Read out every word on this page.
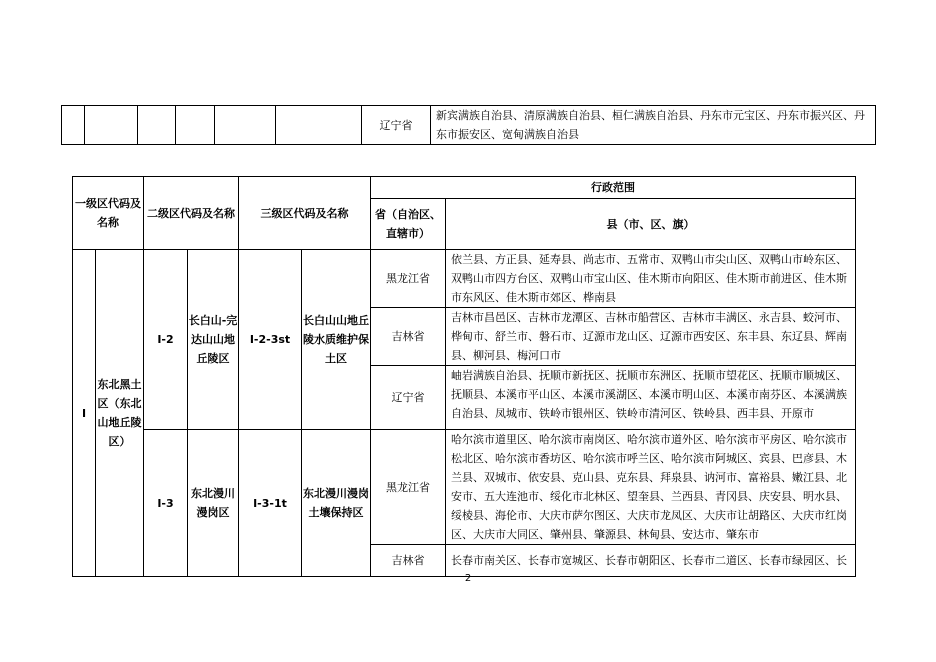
						辽宁省	新宾满族自治县、清原满族自治县、桓仁满族自治县、丹东市元宝区、丹东市振兴区、丹东市振安区、宽甸满族自治县
一级区代码及名称		二级区代码及名称		三级区代码及名称		行政范围	
						省（自治区、直辖市）	县（市、区、旗）
I	东北黑土区（东北山地丘陵区）	I-2	长白山-完达山山地丘陵区	I-2-3st	长白山山地丘陵水质维护保土区	黑龙江省	依兰县、方正县、延寿县、尚志市、五常市、双鸭山市尖山区、双鸭山市岭东区、双鸭山市四方台区、双鸭山市宝山区、佳木斯市向阳区、佳木斯市前进区、佳木斯市东风区、佳木斯市郊区、桦南县
						吉林省	吉林市昌邑区、吉林市龙潭区、吉林市船营区、吉林市丰满区、永吉县、蛟河市、桦甸市、舒兰市、磐石市、辽源市龙山区、辽源市西安区、东丰县、东辽县、辉南县、柳河县、梅河口市
						辽宁省	岫岩满族自治县、抚顺市新抚区、抚顺市东洲区、抚顺市望花区、抚顺市顺城区、抚顺县、本溪市平山区、本溪市溪湖区、本溪市明山区、本溪市南芬区、本溪满族自治县、凤城市、铁岭市银州区、铁岭市清河区、铁岭县、西丰县、开原市
		I-3	东北漫川漫岗区	I-3-1t	东北漫川漫岗土壤保持区	黑龙江省	哈尔滨市道里区、哈尔滨市南岗区、哈尔滨市道外区、哈尔滨市平房区、哈尔滨市松北区、哈尔滨市香坊区、哈尔滨市呼兰区、哈尔滨市阿城区、宾县、巴彦县、木兰县、双城市、依安县、克山县、克东县、拜泉县、讷河市、富裕县、嫩江县、北安市、五大连池市、绥化市北林区、望奎县、兰西县、青冈县、庆安县、明水县、绥棱县、海伦市、大庆市萨尔图区、大庆市龙凤区、大庆市让胡路区、大庆市红岗区、大庆市大同区、肇州县、肇源县、林甸县、安达市、肇东市
						吉林省	长春市南关区、长春市宽城区、长春市朝阳区、长春市二道区、长春市绿园区、长
2
